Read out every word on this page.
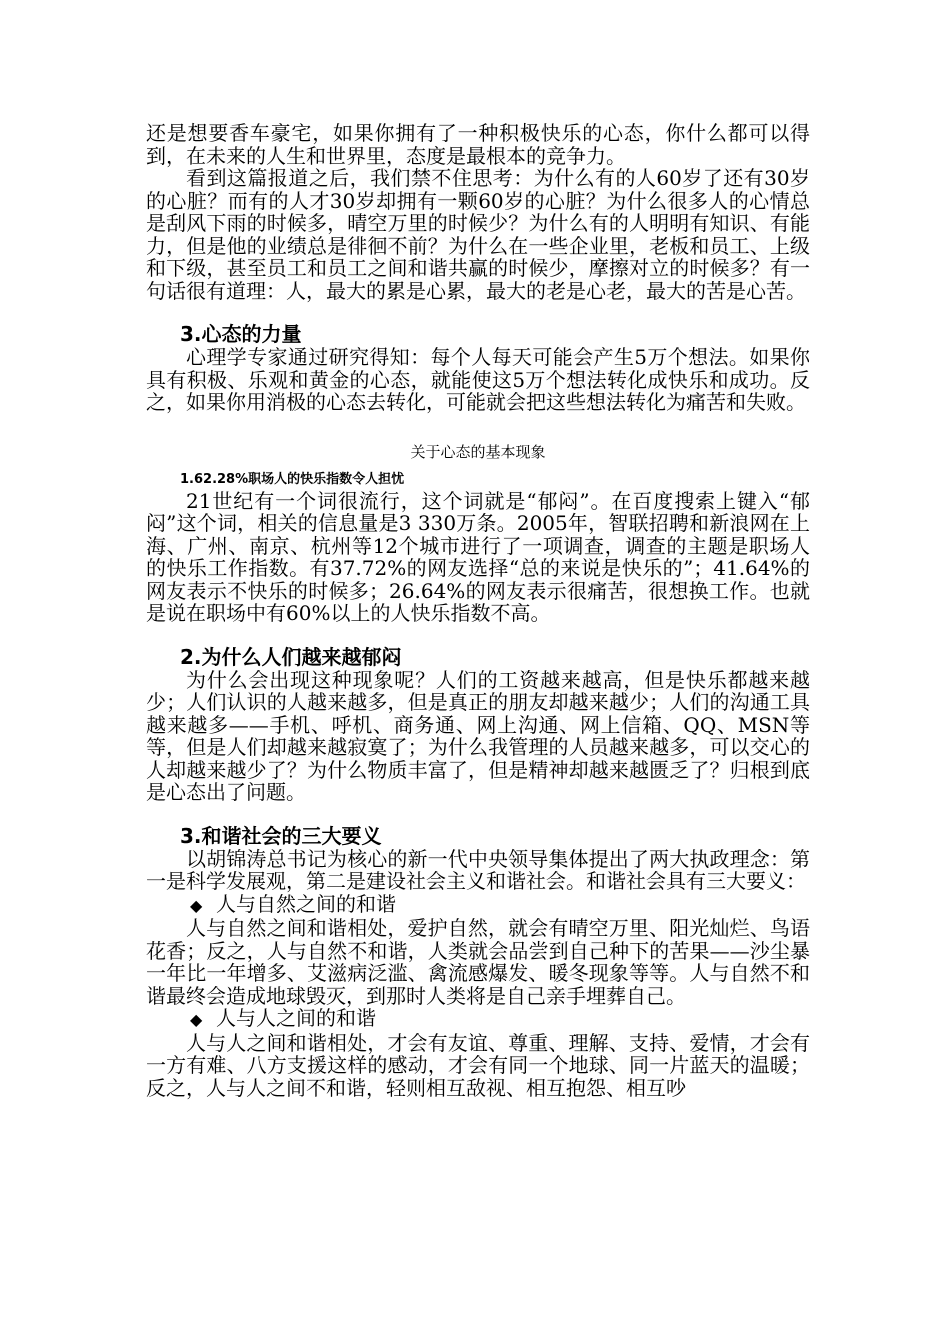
还是想要香车豪宅，如果你拥有了一种积极快乐的心态，你什么都可以得到，在未来的人生和世界里，态度是最根本的竞争力。

看到这篇报道之后，我们禁不住思考：为什么有的人60岁了还有30岁的心脏？而有的人才30岁却拥有一颗60岁的心脏？为什么很多人的心情总是刮风下雨的时候多，晴空万里的时候少？为什么有的人明明有知识、有能力，但是他的业绩总是徘徊不前？为什么在一些企业里，老板和员工、上级和下级，甚至员工和员工之间和谐共赢的时候少，摩擦对立的时候多？有一句话很有道理：人，最大的累是心累，最大的老是心老，最大的苦是心苦。

3.心态的力量

心理学专家通过研究得知：每个人每天可能会产生5万个想法。如果你具有积极、乐观和黄金的心态，就能使这5万个想法转化成快乐和成功。反之，如果你用消极的心态去转化，可能就会把这些想法转化为痛苦和失败。

关于心态的基本现象
1.62.28%职场人的快乐指数令人担忧

21世纪有一个词很流行，这个词就是“郁闷”。在百度搜索上键入“郁闷”这个词，相关的信息量是3 330万条。2005年，智联招聘和新浪网在上海、广州、南京、杭州等12个城市进行了一项调查，调查的主题是职场人的快乐工作指数。有37.72%的网友选择“总的来说是快乐的”；41.64%的网友表示不快乐的时候多；26.64%的网友表示很痛苦，很想换工作。也就是说在职场中有60%以上的人快乐指数不高。

2.为什么人们越来越郁闷

为什么会出现这种现象呢？人们的工资越来越高，但是快乐都越来越少；人们认识的人越来越多，但是真正的朋友却越来越少；人们的沟通工具越来越多——手机、呼机、商务通、网上沟通、网上信箱、QQ、MSN等等，但是人们却越来越寂寞了；为什么我管理的人员越来越多，可以交心的人却越来越少了？为什么物质丰富了，但是精神却越来越匮乏了？归根到底是心态出了问题。

3.和谐社会的三大要义

以胡锦涛总书记为核心的新一代中央领导集体提出了两大执政理念：第一是科学发展观，第二是建设社会主义和谐社会。和谐社会具有三大要义：

◆ 人与自然之间的和谐

人与自然之间和谐相处，爱护自然，就会有晴空万里、阳光灿烂、鸟语花香；反之，人与自然不和谐，人类就会品尝到自己种下的苦果——沙尘暴一年比一年增多、艾滋病泛滥、禽流感爆发、暖冬现象等等。人与自然不和谐最终会造成地球毁灭，到那时人类将是自己亲手埋葬自己。

◆ 人与人之间的和谐

人与人之间和谐相处，才会有友谊、尊重、理解、支持、爱情，才会有一方有难、八方支援这样的感动，才会有同一个地球、同一片蓝天的温暖；反之，人与人之间不和谐，轻则相互敌视、相互抱怨、相互吵
